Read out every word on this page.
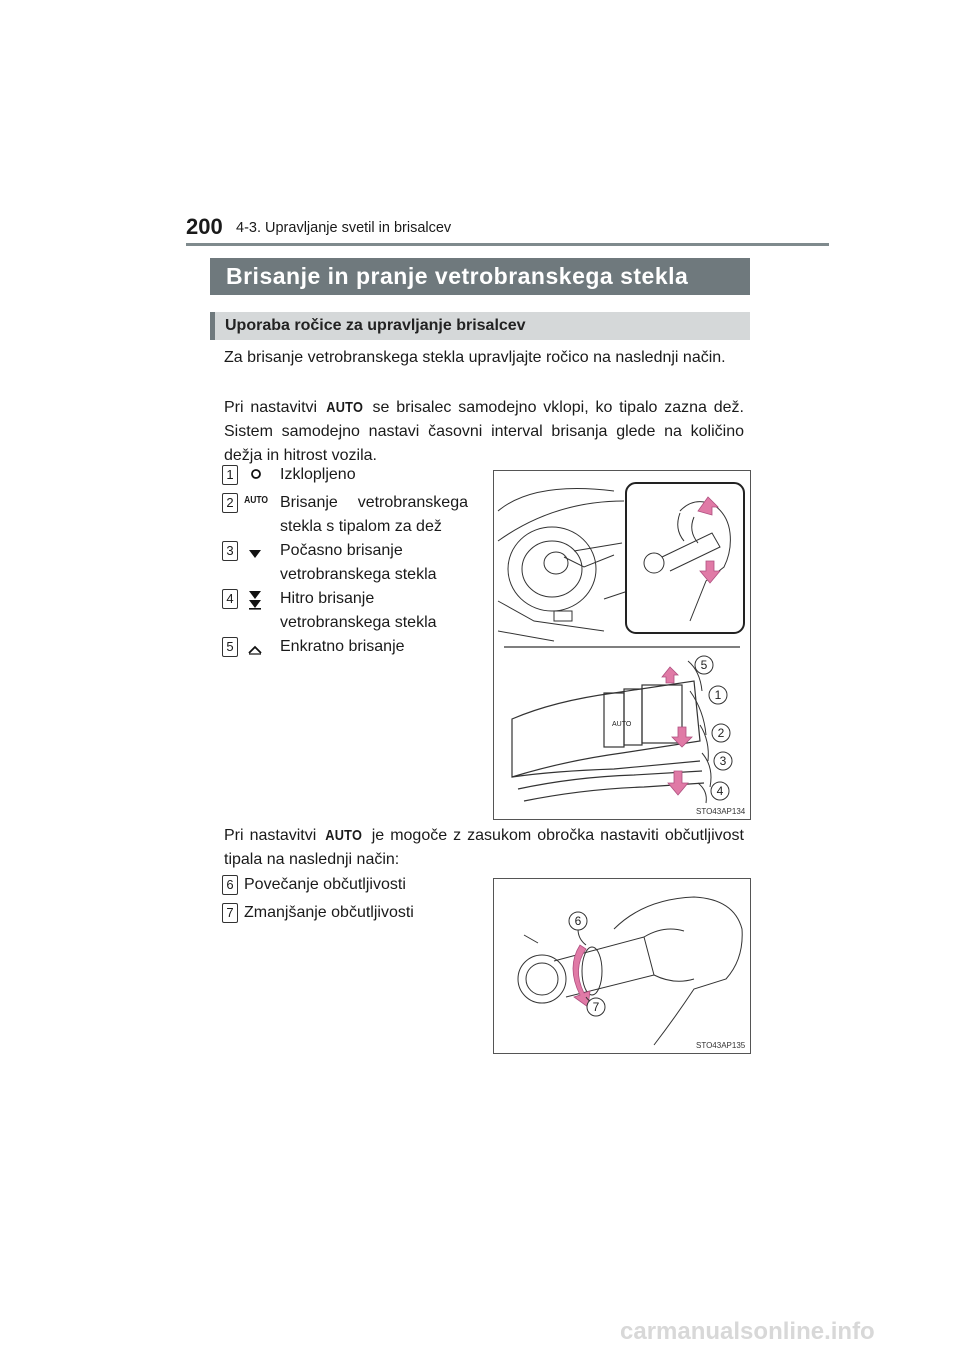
200 4-3. Upravljanje svetil in brisalcev
Brisanje in pranje vetrobranskega stekla
Uporaba ročice za upravljanje brisalcev
Za brisanje vetrobranskega stekla upravljajte ročico na naslednji način.
Pri nastavitvi AUTO se brisalec samodejno vklopi, ko tipalo zazna dež. Sistem samodejno nastavi časovni interval brisanja glede na količino dežja in hitrost vozila.
1	Izklopljeno
2	AUTO Brisanje vetrobranskega stekla s tipalom za dež
3	Počasno brisanje vetrobranskega stekla
4	Hitro brisanje vetrobranskega stekla
5	Enkratno brisanje
AUTO
5
1
2
3
4
STO43AP134
Pri nastavitvi AUTO je mogoče z zasukom obročka nastaviti občutljivost tipala na naslednji način:
6 Povečanje občutljivosti
7 Zmanjšanje občutljivosti	6
7
STO43AP135
carmanualsonline.info
